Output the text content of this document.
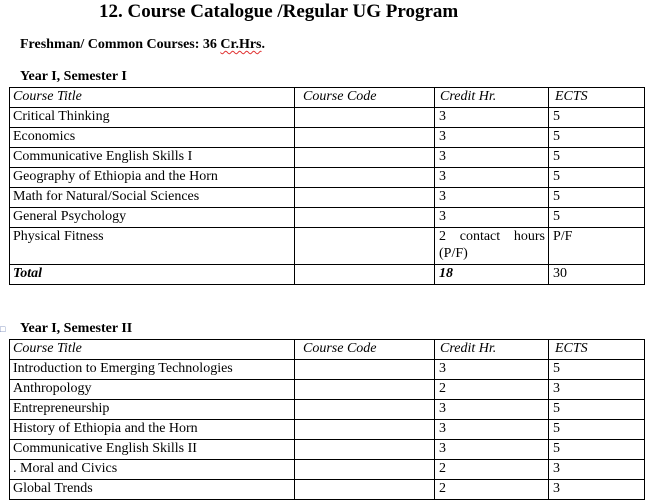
12. Course Catalogue /Regular UG Program
Freshman/ Common Courses: 36 Cr.Hrs.
Year I, Semester I
Course Title	Course Code	Credit Hr.	ECTS
Critical Thinking		3	5
Economics		3	5
Communicative English Skills I		3	5
Geography of Ethiopia and the Horn		3	5
Math for Natural/Social Sciences		3	5
General Psychology		3	5
Physical Fitness		2 contact hours (P/F)	P/F
Total		18	30
□ Year I, Semester II
Course Title	Course Code	Credit Hr.	ECTS
Introduction to Emerging Technologies		3	5
Anthropology		2	3
Entrepreneurship		3	5
History of Ethiopia and the Horn		3	5
Communicative English Skills II		3	5
. Moral and Civics		2	3
Global Trends		2	3
